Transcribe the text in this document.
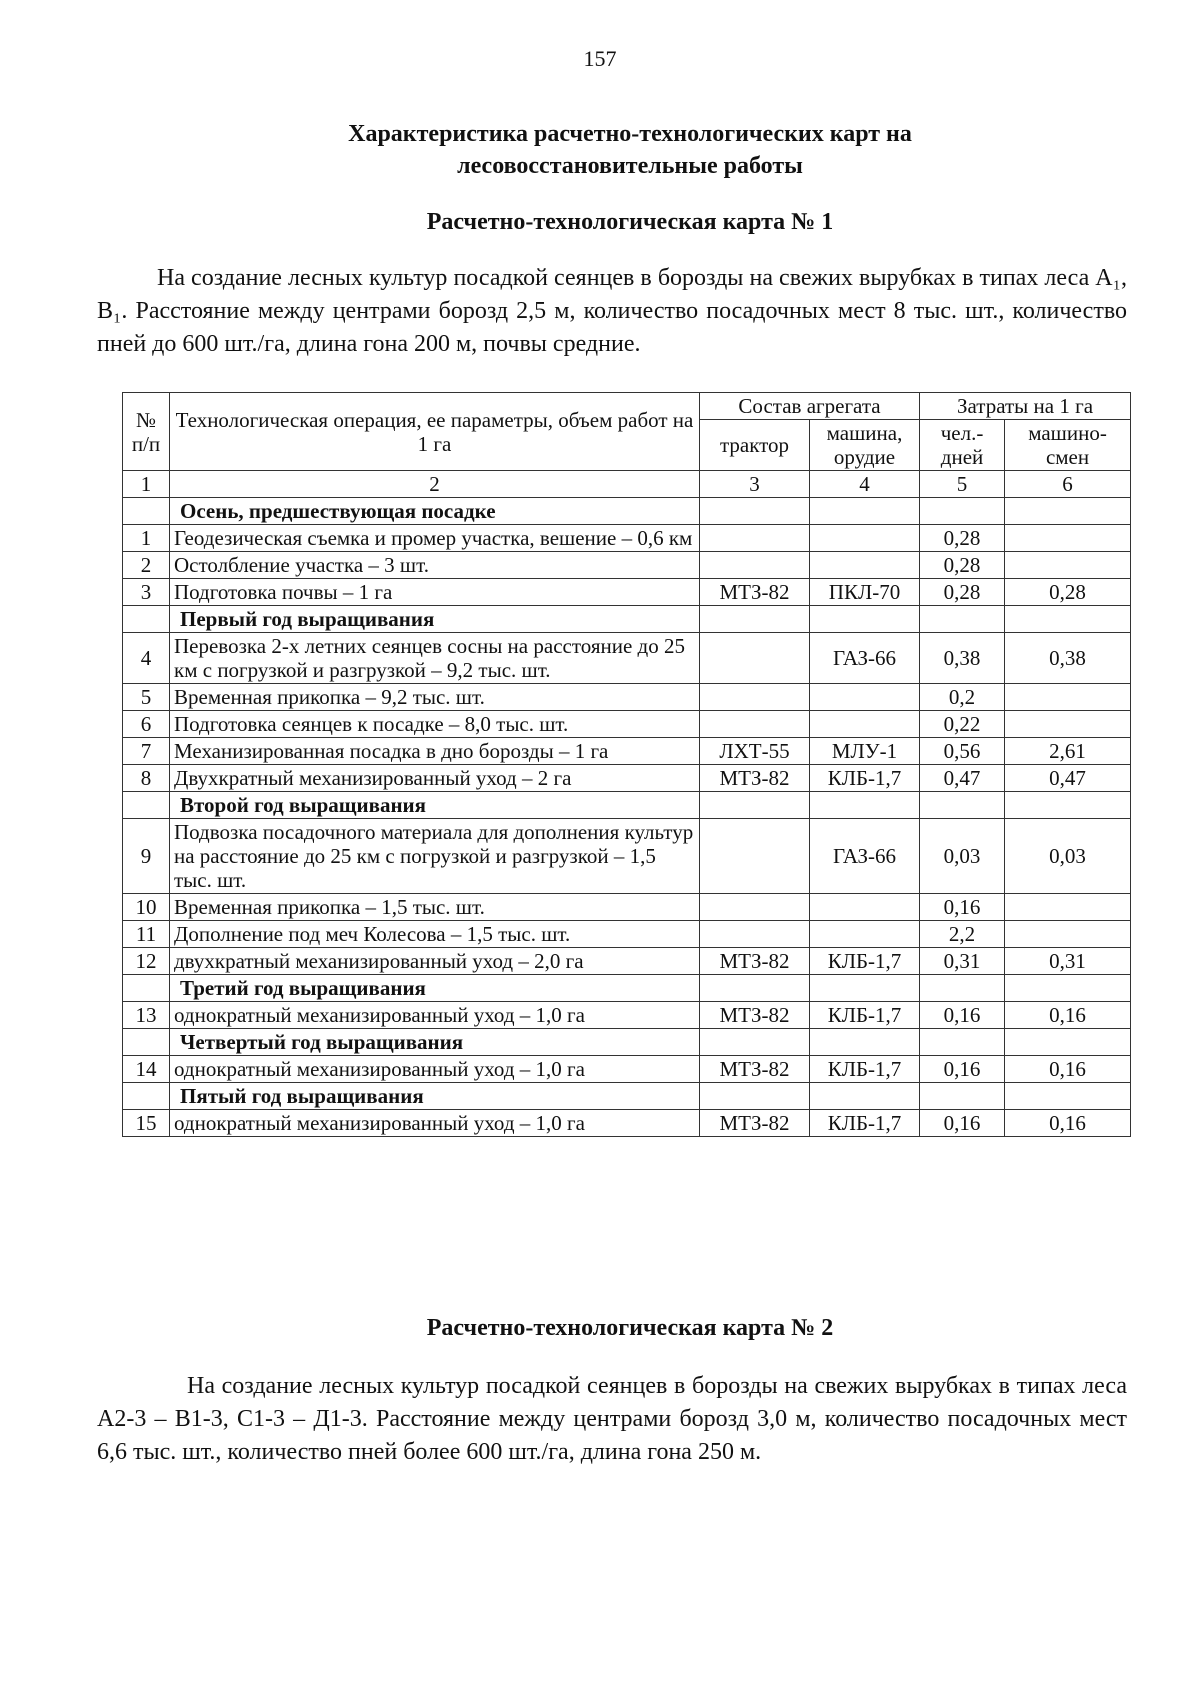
157
Характеристика расчетно-технологических карт на
лесовосстановительные работы
Расчетно-технологическая карта № 1
На создание лесных культур посадкой сеянцев в борозды на свежих вырубках в типах леса А₁, В₁. Расстояние между центрами борозд 2,5 м, количество посадочных мест 8 тыс. шт., количество пней до 600 шт./га, длина гона 200 м, почвы средние.
№ п/п	Технологическая операция, ее параметры, объем работ на 1 га	Состав агрегата		Затраты на 1 га	
		трактор	машина, орудие	чел.-дней	машино-смен
1	2	3	4	5	6
	Осень, предшествующая посадке				
1	Геодезическая съемка и промер участка, вешение – 0,6 км			0,28	
2	Остолбление участка – 3 шт.			0,28	
3	Подготовка почвы – 1 га	МТЗ-82	ПКЛ-70	0,28	0,28
	Первый год выращивания				
4	Перевозка 2-х летних сеянцев сосны на расстояние до 25 км с погрузкой и разгрузкой – 9,2 тыс. шт.		ГАЗ-66	0,38	0,38
5	Временная прикопка – 9,2 тыс. шт.			0,2	
6	Подготовка сеянцев к посадке – 8,0 тыс. шт.			0,22	
7	Механизированная посадка в дно борозды – 1 га	ЛХТ-55	МЛУ-1	0,56	2,61
8	Двухкратный механизированный уход – 2 га	МТЗ-82	КЛБ-1,7	0,47	0,47
	Второй год выращивания				
9	Подвозка посадочного материала для дополнения культур на расстояние до 25 км с погрузкой и разгрузкой – 1,5 тыс. шт.		ГАЗ-66	0,03	0,03
10	Временная прикопка – 1,5 тыс. шт.			0,16	
11	Дополнение под меч Колесова – 1,5 тыс. шт.			2,2	
12	двухкратный механизированный уход – 2,0 га	МТЗ-82	КЛБ-1,7	0,31	0,31
	Третий год выращивания				
13	однократный механизированный уход – 1,0 га	МТЗ-82	КЛБ-1,7	0,16	0,16
	Четвертый год выращивания				
14	однократный механизированный уход – 1,0 га	МТЗ-82	КЛБ-1,7	0,16	0,16
	Пятый год выращивания				
15	однократный механизированный уход – 1,0 га	МТЗ-82	КЛБ-1,7	0,16	0,16
Расчетно-технологическая карта № 2
На создание лесных культур посадкой сеянцев в борозды на свежих вырубках в типах леса А2-3 – В1-3, С1-3 – Д1-3. Расстояние между центрами борозд 3,0 м, количество посадочных мест 6,6 тыс. шт., количество пней более 600 шт./га, длина гона 250 м.
